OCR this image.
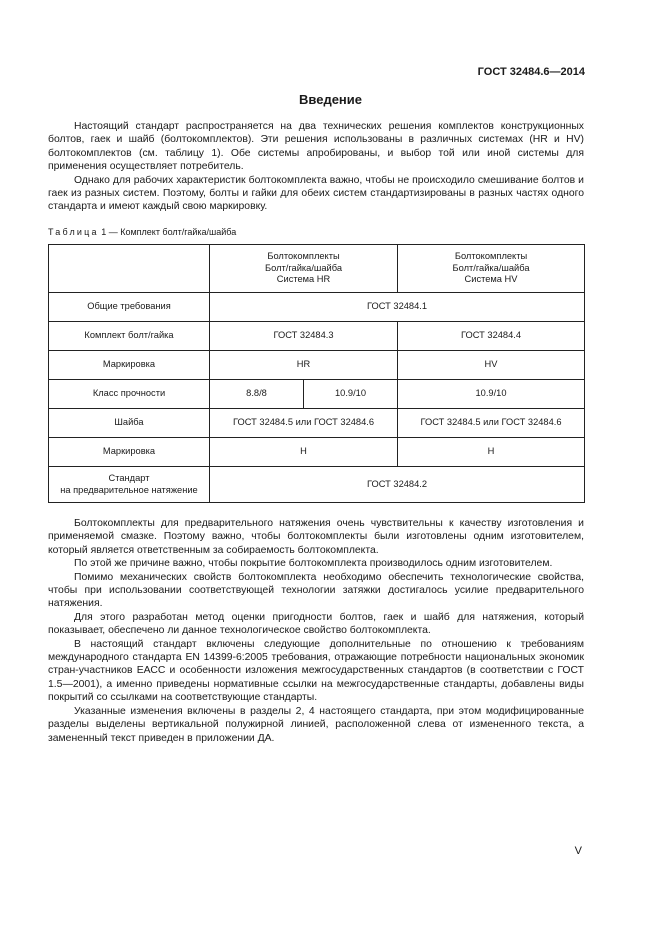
ГОСТ 32484.6—2014
Введение

Настоящий стандарт распространяется на два технических решения комплектов конструкционных болтов, гаек и шайб (болтокомплектов). Эти решения использованы в различных системах (HR и HV) болтокомплектов (см. таблицу 1). Обе системы апробированы, и выбор той или иной системы для применения осуществляет потребитель.

Однако для рабочих характеристик болтокомплекта важно, чтобы не происходило смешивание болтов и гаек из разных систем. Поэтому, болты и гайки для обеих систем стандартизированы в разных частях одного стандарта и имеют каждый свою маркировку.

Таблица 1 — Комплект болт/гайка/шайба
	Болтокомплекты
Болт/гайка/шайба
Система HR		Болтокомплекты
Болт/гайка/шайба
Система HV
Общие требования	ГОСТ 32484.1		
Комплект болт/гайка	ГОСТ 32484.3		ГОСТ 32484.4
Маркировка	HR		HV
Класс прочности	8.8/8	10.9/10	10.9/10
Шайба	ГОСТ 32484.5 или ГОСТ 32484.6		ГОСТ 32484.5 или ГОСТ 32484.6
Маркировка	H		H
Стандарт
на предварительное натяжение	ГОСТ 32484.2		

Болтокомплекты для предварительного натяжения очень чувствительны к качеству изготовления и применяемой смазке. Поэтому важно, чтобы болтокомплекты были изготовлены одним изготовителем, который является ответственным за собираемость болтокомплекта.

По этой же причине важно, чтобы покрытие болтокомплекта производилось одним изготовителем.

Помимо механических свойств болтокомплекта необходимо обеспечить технологические свойства, чтобы при использовании соответствующей технологии затяжки достигалось усилие предварительного натяжения.

Для этого разработан метод оценки пригодности болтов, гаек и шайб для натяжения, который показывает, обеспечено ли данное технологическое свойство болтокомплекта.

В настоящий стандарт включены следующие дополнительные по отношению к требованиям международного стандарта EN 14399-6:2005 требования, отражающие потребности национальных экономик стран-участников ЕАСС и особенности изложения межгосударственных стандартов (в соответствии с ГОСТ 1.5—2001), а именно приведены нормативные ссылки на межгосударственные стандарты, добавлены виды покрытий со ссылками на соответствующие стандарты.

Указанные изменения включены в разделы 2, 4 настоящего стандарта, при этом модифицированные разделы выделены вертикальной полужирной линией, расположенной слева от измененного текста, а замененный текст приведен в приложении ДА.

V
